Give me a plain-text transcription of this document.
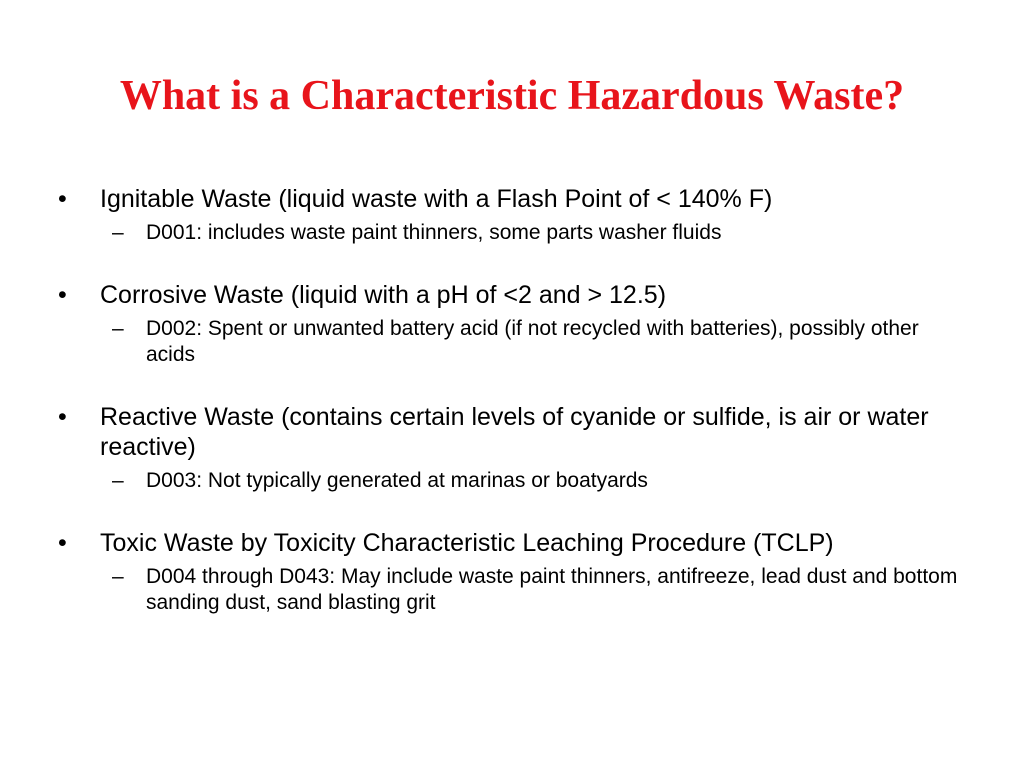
What is a Characteristic Hazardous Waste?
•	Ignitable Waste (liquid waste with a Flash Point of < 140% F)
– D001: includes waste paint thinners, some parts washer fluids
•	Corrosive Waste (liquid with a pH of <2 and > 12.5)
– D002: Spent or unwanted battery acid (if not recycled with batteries), possibly other acids
•	Reactive Waste (contains certain levels of cyanide or sulfide, is air or water reactive)
– D003: Not typically generated at marinas or boatyards
•	Toxic Waste by Toxicity Characteristic Leaching Procedure (TCLP)
– D004 through D043: May include waste paint thinners, antifreeze, lead dust and bottom sanding dust, sand blasting grit
